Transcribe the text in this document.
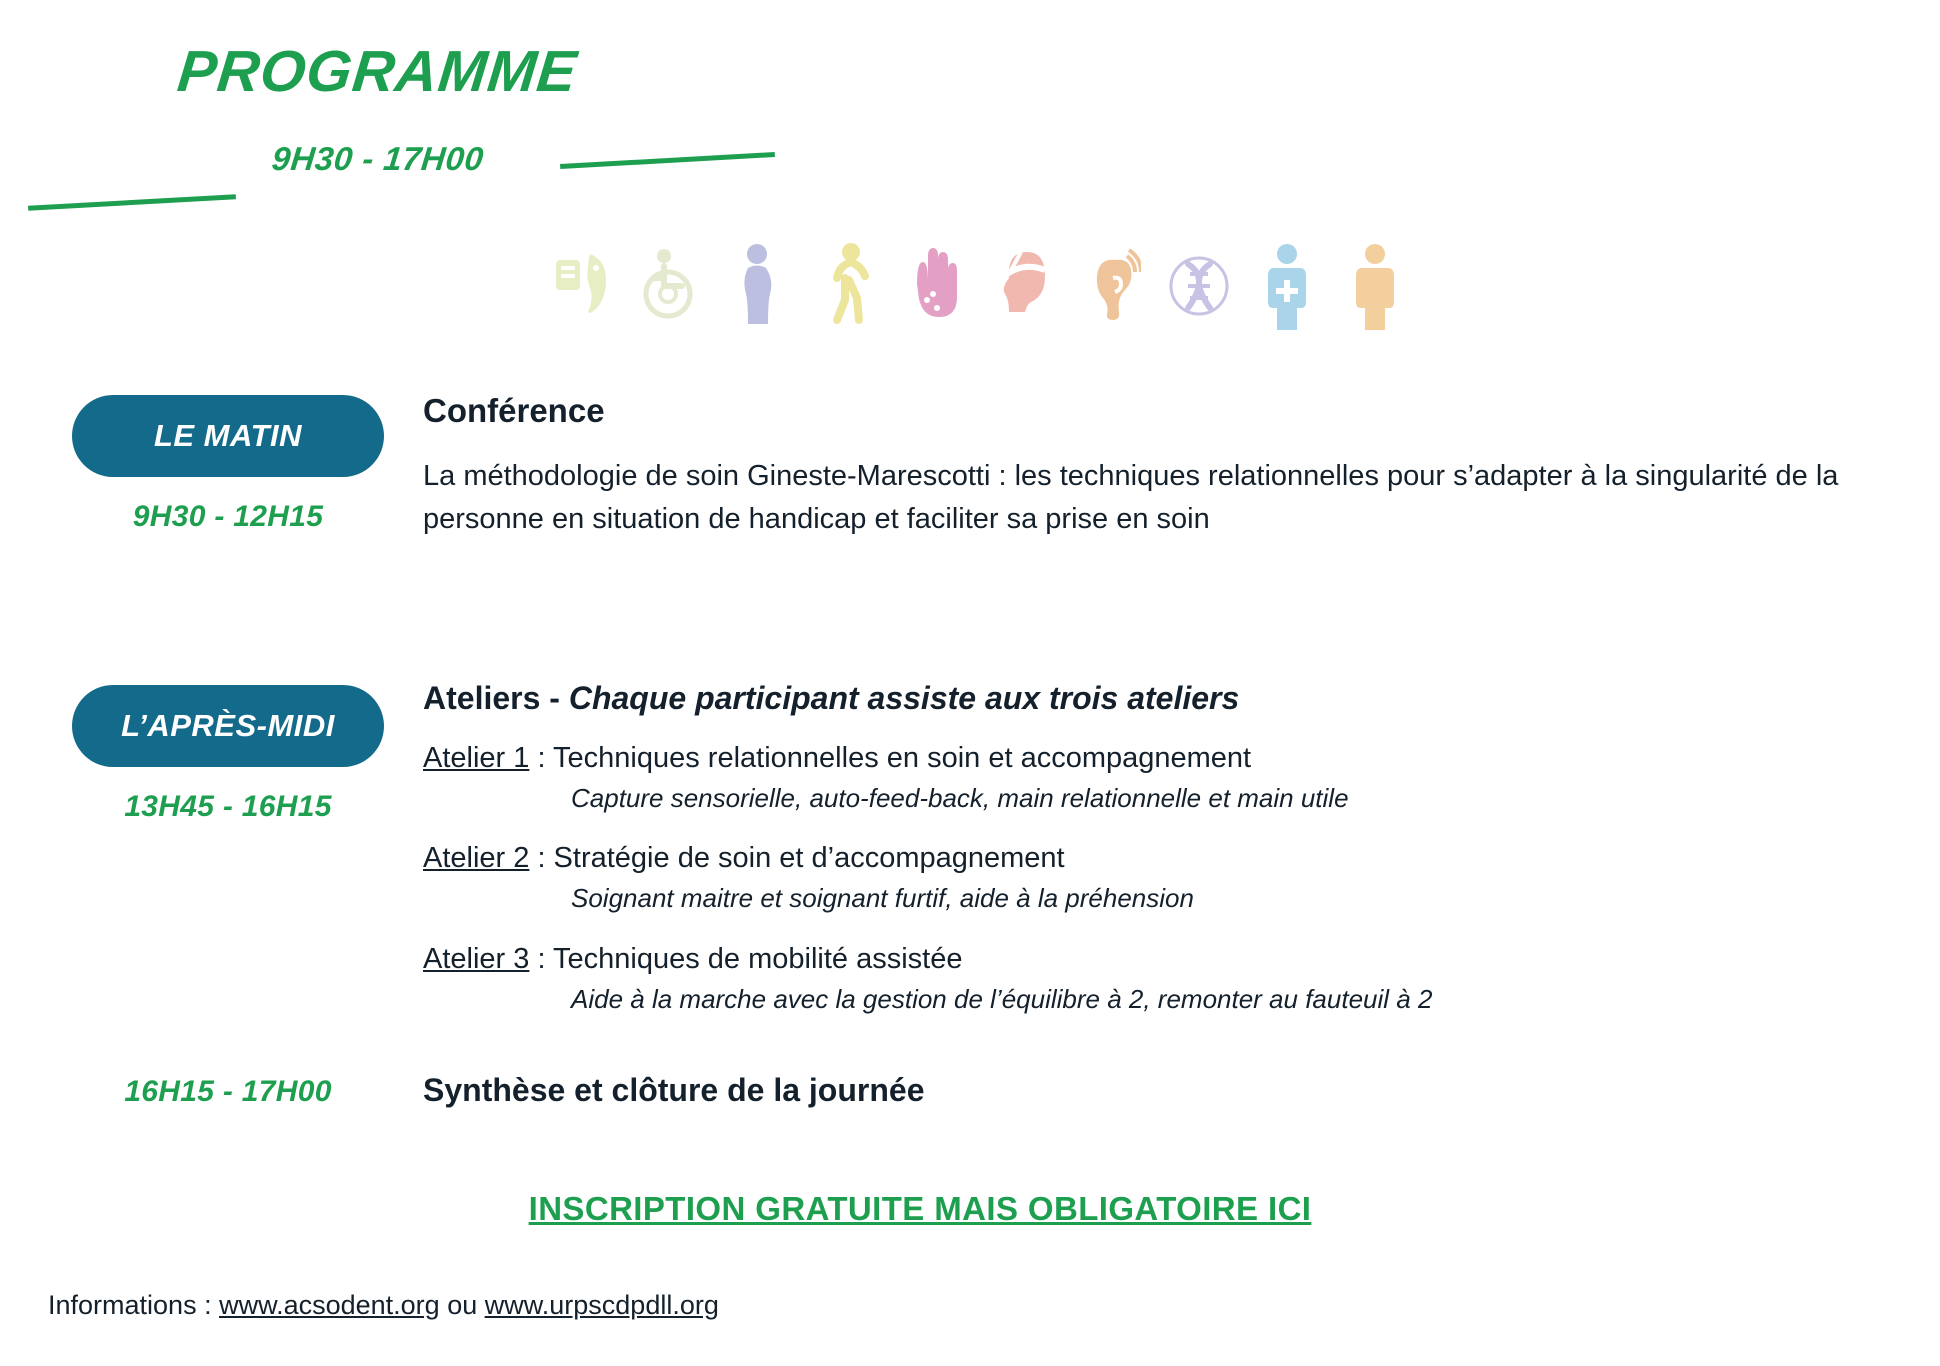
PROGRAMME
9H30 - 17H00
LE MATIN
9H30 - 12H15
Conférence
La méthodologie de soin Gineste-Marescotti : les techniques relationnelles pour s’adapter à la singularité de la personne en situation de handicap et faciliter sa prise en soin
L’APRÈS-MIDI
13H45 - 16H15
Ateliers - Chaque participant assiste aux trois ateliers
Atelier 1 : Techniques relationnelles en soin et accompagnement
Capture sensorielle, auto-feed-back, main relationnelle et main utile
Atelier 2 : Stratégie de soin et d’accompagnement
Soignant maitre et soignant furtif, aide à la préhension
Atelier 3 : Techniques de mobilité assistée
Aide à la marche avec la gestion de l’équilibre à 2, remonter au fauteuil à 2
16H15 - 17H00	Synthèse et clôture de la journée
INSCRIPTION GRATUITE MAIS OBLIGATOIRE ICI
Informations : www.acsodent.org ou www.urpscdpdll.org
